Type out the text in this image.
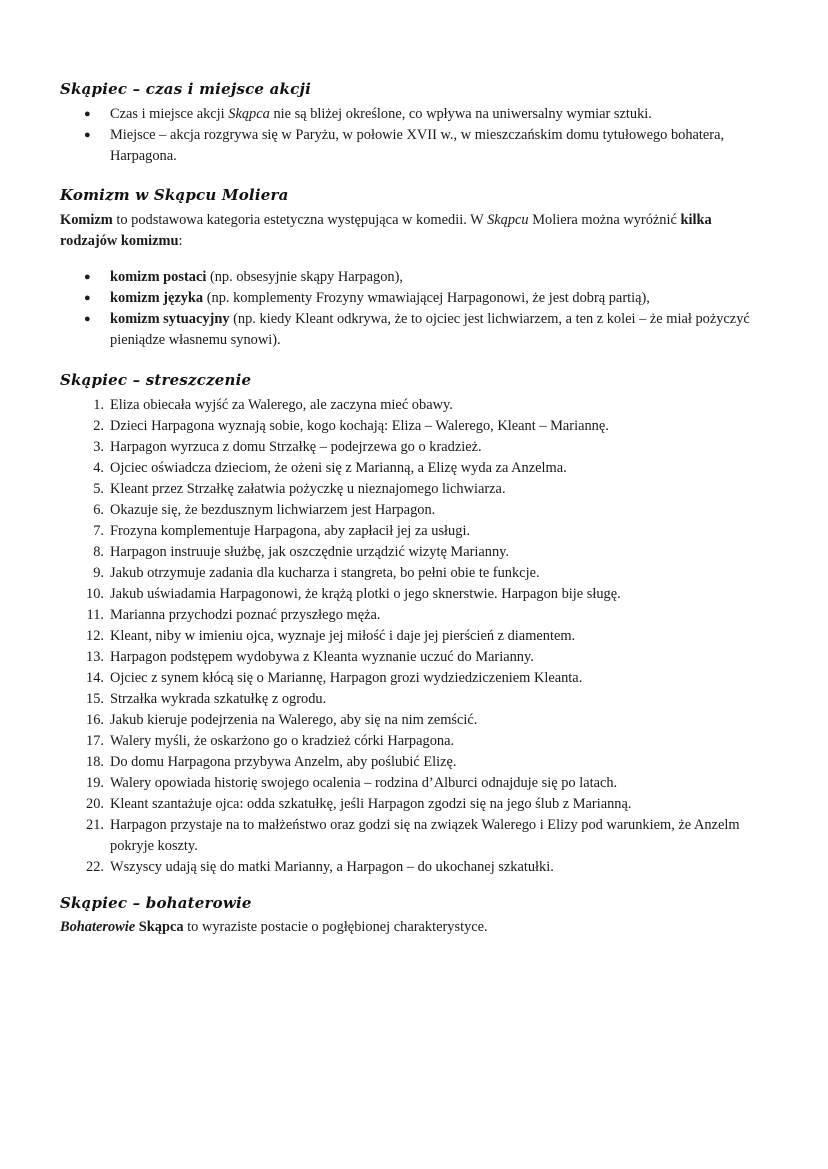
Skąpiec – czas i miejsce akcji
● Czas i miejsce akcji Skąpca nie są bliżej określone, co wpływa na uniwersalny wymiar sztuki.
● Miejsce – akcja rozgrywa się w Paryżu, w połowie XVII w., w mieszczańskim domu tytułowego bohatera, Harpagona.
Komizm w Skąpcu Moliera

Komizm to podstawowa kategoria estetyczna występująca w komedii. W Skąpcu Moliera można wyróżnić kilka rodzajów komizmu:

● komizm postaci (np. obsesyjnie skąpy Harpagon),
● komizm języka (np. komplementy Frozyny wmawiającej Harpagonowi, że jest dobrą partią),
● komizm sytuacyjny (np. kiedy Kleant odkrywa, że to ojciec jest lichwiarzem, a ten z kolei – że miał pożyczyć pieniądze własnemu synowi).
Skąpiec – streszczenie
1. Eliza obiecała wyjść za Walerego, ale zaczyna mieć obawy.
2. Dzieci Harpagona wyznają sobie, kogo kochają: Eliza – Walerego, Kleant – Mariannę.
3. Harpagon wyrzuca z domu Strzałkę – podejrzewa go o kradzież.
4. Ojciec oświadcza dzieciom, że ożeni się z Marianną, a Elizę wyda za Anzelma.
5. Kleant przez Strzałkę załatwia pożyczkę u nieznajomego lichwiarza.
6. Okazuje się, że bezdusznym lichwiarzem jest Harpagon.
7. Frozyna komplementuje Harpagona, aby zapłacił jej za usługi.
8. Harpagon instruuje służbę, jak oszczędnie urządzić wizytę Marianny.
9. Jakub otrzymuje zadania dla kucharza i stangreta, bo pełni obie te funkcje.
10. Jakub uświadamia Harpagonowi, że krążą plotki o jego sknerstwie. Harpagon bije sługę.
11. Marianna przychodzi poznać przyszłego męża.
12. Kleant, niby w imieniu ojca, wyznaje jej miłość i daje jej pierścień z diamentem.
13. Harpagon podstępem wydobywa z Kleanta wyznanie uczuć do Marianny.
14. Ojciec z synem kłócą się o Mariannę, Harpagon grozi wydziedziczeniem Kleanta.
15. Strzałka wykrada szkatułkę z ogrodu.
16. Jakub kieruje podejrzenia na Walerego, aby się na nim zemścić.
17. Walery myśli, że oskarżono go o kradzież córki Harpagona.
18. Do domu Harpagona przybywa Anzelm, aby poślubić Elizę.
19. Walery opowiada historię swojego ocalenia – rodzina d’Alburci odnajduje się po latach.
20. Kleant szantażuje ojca: odda szkatułkę, jeśli Harpagon zgodzi się na jego ślub z Marianną.
21. Harpagon przystaje na to małżeństwo oraz godzi się na związek Walerego i Elizy pod warunkiem, że Anzelm pokryje koszty.
22. Wszyscy udają się do matki Marianny, a Harpagon – do ukochanej szkatułki.
Skąpiec – bohaterowie

Bohaterowie Skąpca to wyraziste postacie o pogłębionej charakterystyce.
